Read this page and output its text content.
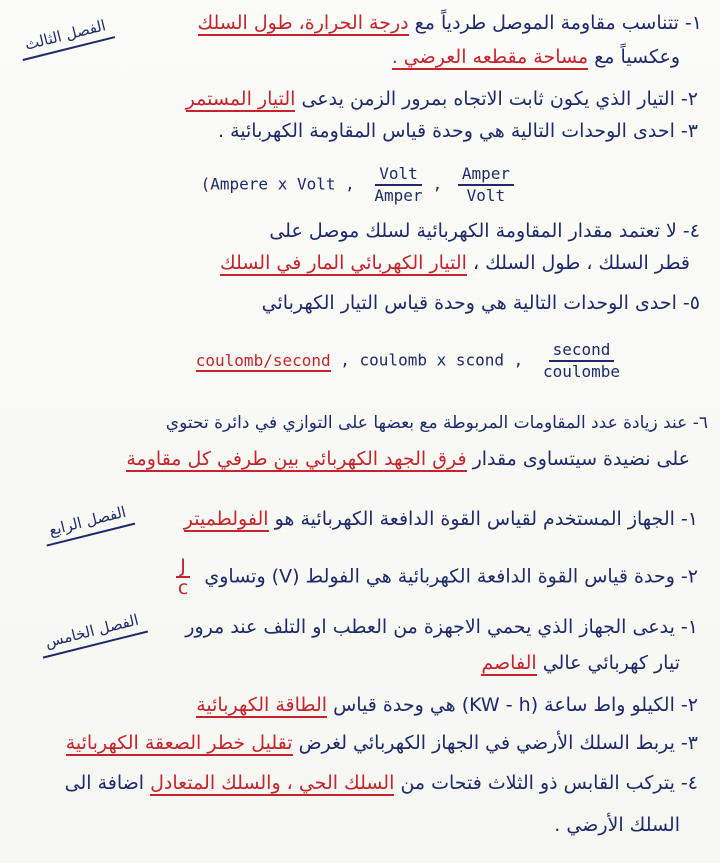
الفصل الثالث
الفصل الرابع
الفصل الخامس
١- تتناسب مقاومة الموصل طردياً مع درجة الحرارة، طول السلك
وعكسياً مع مساحة مقطعه العرضي .
٢- التيار الذي يكون ثابت الاتجاه بمرور الزمن يدعى التيار المستمر
٣- احدى الوحدات التالية هي وحدة قياس المقاومة الكهربائية .
(Ampere x Volt , $\frac{\text{Volt}}{\text{Amper}}$ , $\frac{\text{Amper}}{\text{Volt}}$
٤- لا تعتمد مقدار المقاومة الكهربائية لسلك موصل على
قطر السلك ، طول السلك ، التيار الكهربائي المار في السلك
٥- احدى الوحدات التالية هي وحدة قياس التيار الكهربائي
coulomb/second , coulomb x scond , $\frac{\text{second}}{\text{coulombe}}$
٦- عند زيادة عدد المقاومات المربوطة مع بعضها على التوازي في دائرة تحتوي
على نضيدة سيتساوى مقدار فرق الجهد الكهربائي بين طرفي كل مقاومة
١- الجهاز المستخدم لقياس القوة الدافعة الكهربائية هو الفولطميتر
٢- وحدة قياس القوة الدافعة الكهربائية هي الفولط (V) وتساوي
$\frac{J}{c}$
١- يدعى الجهاز الذي يحمي الاجهزة من العطب او التلف عند مرور
تيار كهربائي عالي الفاصم
٢- الكيلو واط ساعة (KW - h) هي وحدة قياس الطاقة الكهربائية
٣- يربط السلك الأرضي في الجهاز الكهربائي لغرض تقليل خطر الصعقة الكهربائية
٤- يتركب القابس ذو الثلاث فتحات من السلك الحي ، والسلك المتعادل اضافة الى
السلك الأرضي .
